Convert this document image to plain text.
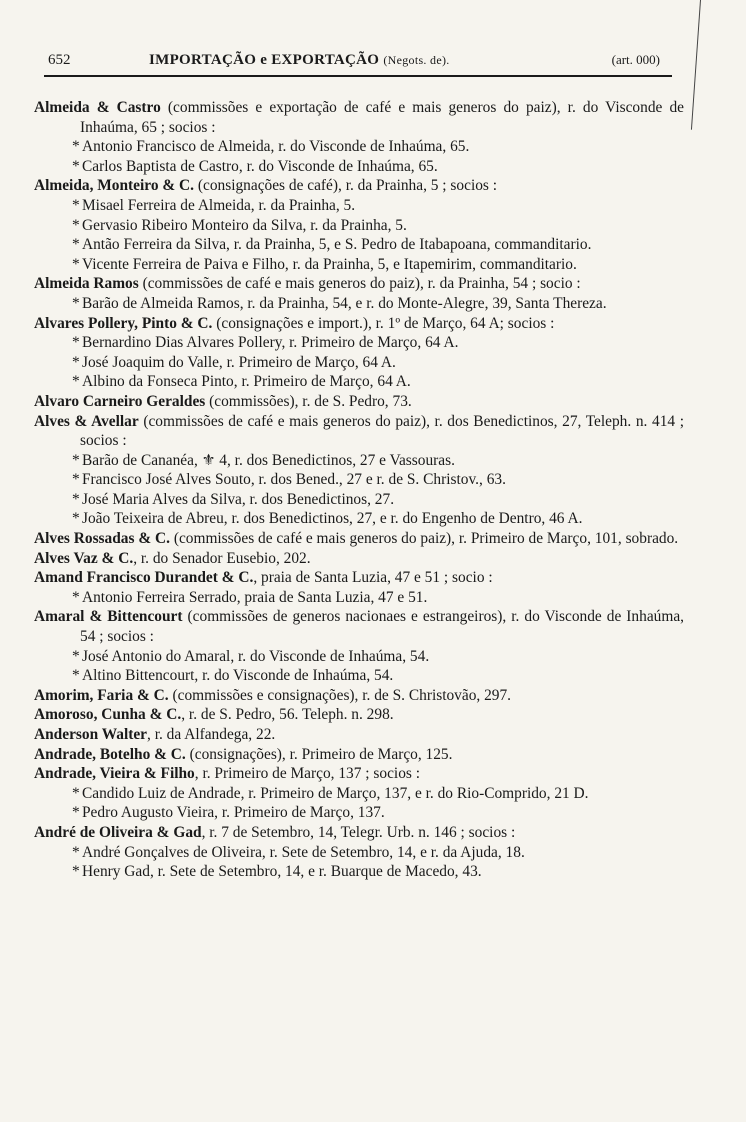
652	IMPORTAÇÃO e EXPORTAÇÃO (Negots. de).	(art. 000)

Almeida & Castro (commissões e exportação de café e mais generos do paiz), r. do Visconde de Inhaúma, 65 ; socios :

* Antonio Francisco de Almeida, r. do Visconde de Inhaúma, 65.

* Carlos Baptista de Castro, r. do Visconde de Inhaúma, 65.

Almeida, Monteiro & C. (consignações de café), r. da Prainha, 5 ; socios :

* Misael Ferreira de Almeida, r. da Prainha, 5.

* Gervasio Ribeiro Monteiro da Silva, r. da Prainha, 5.

* Antão Ferreira da Silva, r. da Prainha, 5, e S. Pedro de Itabapoana, commanditario.

* Vicente Ferreira de Paiva e Filho, r. da Prainha, 5, e Itapemirim, commanditario.

Almeida Ramos (commissões de café e mais generos do paiz), r. da Prainha, 54 ; socio :

* Barão de Almeida Ramos, r. da Prainha, 54, e r. do Monte-Alegre, 39, Santa Thereza.

Alvares Pollery, Pinto & C. (consignações e import.), r. 1º de Março, 64 A; socios :

* Bernardino Dias Alvares Pollery, r. Primeiro de Março, 64 A.

* José Joaquim do Valle, r. Primeiro de Março, 64 A.

* Albino da Fonseca Pinto, r. Primeiro de Março, 64 A.

Alvaro Carneiro Geraldes (commissões), r. de S. Pedro, 73.

Alves & Avellar (commissões de café e mais generos do paiz), r. dos Benedictinos, 27, Teleph. n. 414 ; socios :

* Barão de Cananéa, ⚜ 4, r. dos Benedictinos, 27 e Vassouras.

* Francisco José Alves Souto, r. dos Bened., 27 e r. de S. Christov., 63.

* José Maria Alves da Silva, r. dos Benedictinos, 27.

* João Teixeira de Abreu, r. dos Benedictinos, 27, e r. do Engenho de Dentro, 46 A.

Alves Rossadas & C. (commissões de café e mais generos do paiz), r. Primeiro de Março, 101, sobrado.

Alves Vaz & C., r. do Senador Eusebio, 202.

Amand Francisco Durandet & C., praia de Santa Luzia, 47 e 51 ; socio :

* Antonio Ferreira Serrado, praia de Santa Luzia, 47 e 51.

Amaral & Bittencourt (commissões de generos nacionaes e estrangeiros), r. do Visconde de Inhaúma, 54 ; socios :

* José Antonio do Amaral, r. do Visconde de Inhaúma, 54.

* Altino Bittencourt, r. do Visconde de Inhaúma, 54.

Amorim, Faria & C. (commissões e consignações), r. de S. Christovão, 297.

Amoroso, Cunha & C., r. de S. Pedro, 56. Teleph. n. 298.

Anderson Walter, r. da Alfandega, 22.

Andrade, Botelho & C. (consignações), r. Primeiro de Março, 125.

Andrade, Vieira & Filho, r. Primeiro de Março, 137 ; socios :

* Candido Luiz de Andrade, r. Primeiro de Março, 137, e r. do Rio-Comprido, 21 D.

* Pedro Augusto Vieira, r. Primeiro de Março, 137.

André de Oliveira & Gad, r. 7 de Setembro, 14, Telegr. Urb. n. 146 ; socios :

* André Gonçalves de Oliveira, r. Sete de Setembro, 14, e r. da Ajuda, 18.

* Henry Gad, r. Sete de Setembro, 14, e r. Buarque de Macedo, 43.
